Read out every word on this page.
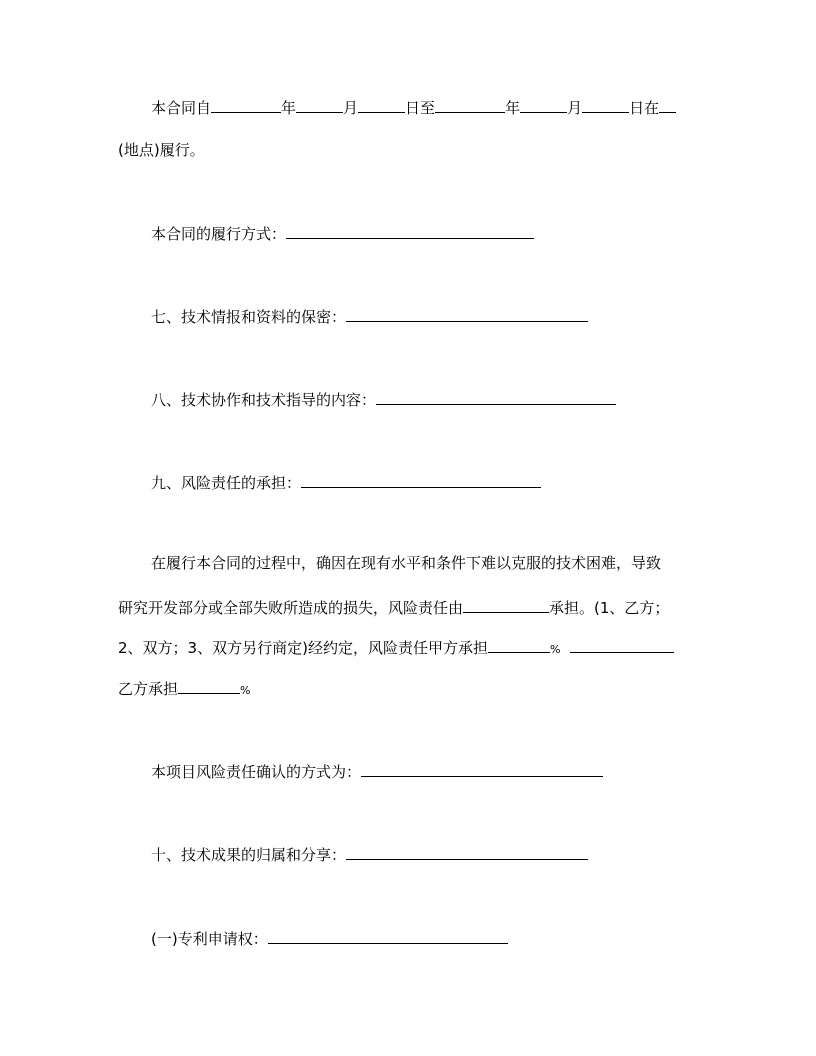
本合同自	年	月	日至	年	月	日在
(地点)履行。
本合同的履行方式：
七、技术情报和资料的保密：
八、技术协作和技术指导的内容：
九、风险责任的承担：
在履行本合同的过程中，确因在现有水平和条件下难以克服的技术困难，导致
研究开发部分或全部失败所造成的损失，风险责任由	承担。(1、乙方；
2、双方；3、双方另行商定)经约定，风险责任甲方承担	%
乙方承担	%
本项目风险责任确认的方式为：
十、技术成果的归属和分享：
(一)专利申请权：
